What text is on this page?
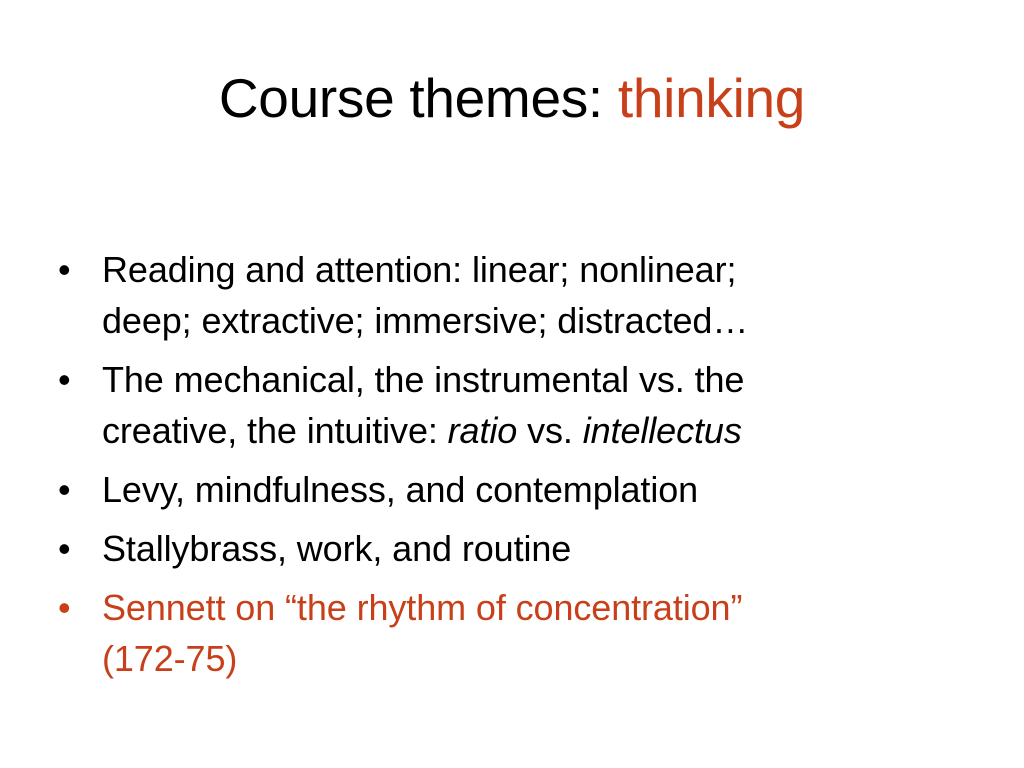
Course themes: thinking
• Reading and attention: linear; nonlinear;
deep; extractive; immersive; distracted…
• The mechanical, the instrumental vs. the
creative, the intuitive: ratio vs. intellectus
• Levy, mindfulness, and contemplation
• Stallybrass, work, and routine
• Sennett on “the rhythm of concentration”
(172-75)
